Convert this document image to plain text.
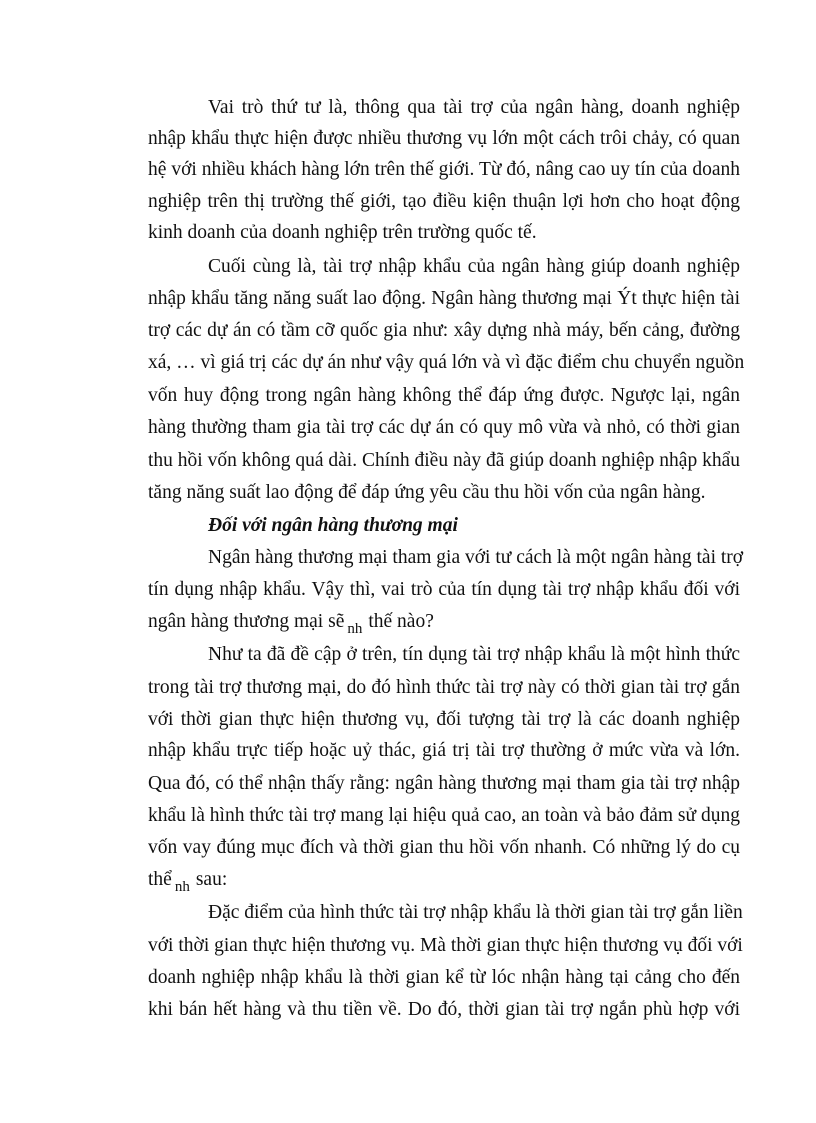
Vai trò thứ tư là, thông qua tài trợ của ngân hàng, doanh nghiệp
nhập khẩu thực hiện được nhiều thương vụ lớn một cách trôi chảy, có quan
hệ với nhiều khách hàng lớn trên thế giới. Từ đó, nâng cao uy tín của doanh
nghiệp trên thị trường thế giới, tạo điều kiện thuận lợi hơn cho hoạt động
kinh doanh của doanh nghiệp trên trường quốc tế.
Cuối cùng là, tài trợ nhập khẩu của ngân hàng giúp doanh nghiệp
nhập khẩu tăng năng suất lao động. Ngân hàng thương mại Ýt thực hiện tài
trợ các dự án có tầm cỡ quốc gia như: xây dựng nhà máy, bến cảng, đường
xá, … vì giá trị các dự án như vậy quá lớn và vì đặc điểm chu chuyển nguồn
vốn huy động trong ngân hàng không thể đáp ứng được. Ngược lại, ngân
hàng thường tham gia tài trợ các dự án có quy mô vừa và nhỏ, có thời gian
thu hồi vốn không quá dài. Chính điều này đã giúp doanh nghiệp nhập khẩu
tăng năng suất lao động để đáp ứng yêu cầu thu hồi vốn của ngân hàng.
Đối với ngân hàng thương mại
Ngân hàng thương mại tham gia với tư cách là một ngân hàng tài trợ
tín dụng nhập khẩu. Vậy thì, vai trò của tín dụng tài trợ nhập khẩu đối với
ngân hàng thương mại sẽ $_{nh}$ thế nào?
Như ta đã đề cập ở trên, tín dụng tài trợ nhập khẩu là một hình thức
trong tài trợ thương mại, do đó hình thức tài trợ này có thời gian tài trợ gắn
với thời gian thực hiện thương vụ, đối tượng tài trợ là các doanh nghiệp
nhập khẩu trực tiếp hoặc uỷ thác, giá trị tài trợ thường ở mức vừa và lớn.
Qua đó, có thể nhận thấy rằng: ngân hàng thương mại tham gia tài trợ nhập
khẩu là hình thức tài trợ mang lại hiệu quả cao, an toàn và bảo đảm sử dụng
vốn vay đúng mục đích và thời gian thu hồi vốn nhanh. Có những lý do cụ
thể $_{nh}$ sau:
Đặc điểm của hình thức tài trợ nhập khẩu là thời gian tài trợ gắn liền
với thời gian thực hiện thương vụ. Mà thời gian thực hiện thương vụ đối với
doanh nghiệp nhập khẩu là thời gian kể từ lóc nhận hàng tại cảng cho đến
khi bán hết hàng và thu tiền về. Do đó, thời gian tài trợ ngắn phù hợp với
